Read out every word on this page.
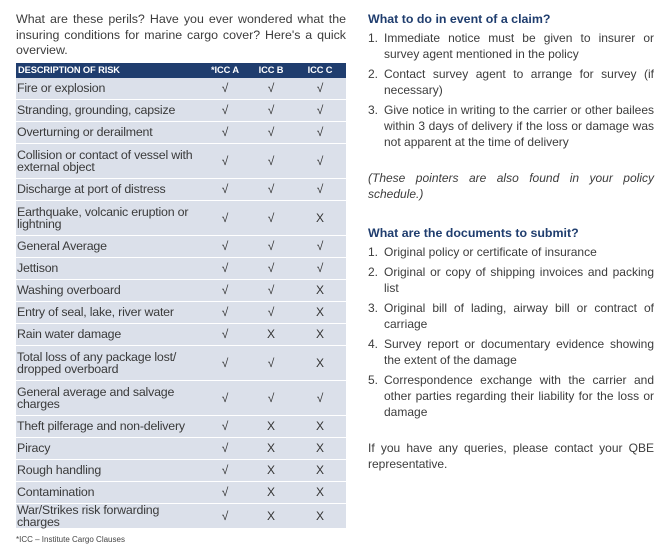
What are these perils? Have you ever wondered what the insuring conditions for marine cargo cover? Here's a quick overview.

DESCRIPTION OF RISK	*ICC A	ICC B	ICC C
Fire or explosion	√	√	√
Stranding, grounding, capsize	√	√	√
Overturning or derailment	√	√	√
Collision or contact of vessel with external object	√	√	√
Discharge at port of distress	√	√	√
Earthquake, volcanic eruption or lightning	√	√	X
General Average	√	√	√
Jettison	√	√	√
Washing overboard	√	√	X
Entry of seal, lake, river water	√	√	X
Rain water damage	√	X	X
Total loss of any package lost/ dropped overboard	√	√	X
General average and salvage charges	√	√	√
Theft pilferage and non-delivery	√	X	X
Piracy	√	X	X
Rough handling	√	X	X
Contamination	√	X	X
War/Strikes risk forwarding charges	√	X	X
*ICC – Institute Cargo Clauses
What to do in event of a claim?
1. Immediate notice must be given to insurer or survey agent mentioned in the policy
2. Contact survey agent to arrange for survey (if necessary)
3. Give notice in writing to the carrier or other bailees within 3 days of delivery if the loss or damage was not apparent at the time of delivery

(These pointers are also found in your policy schedule.)

What are the documents to submit?
1. Original policy or certificate of insurance
2. Original or copy of shipping invoices and packing list
3. Original bill of lading, airway bill or contract of carriage
4. Survey report or documentary evidence showing the extent of the damage
5. Correspondence exchange with the carrier and other parties regarding their liability for the loss or damage

If you have any queries, please contact your QBE representative.
